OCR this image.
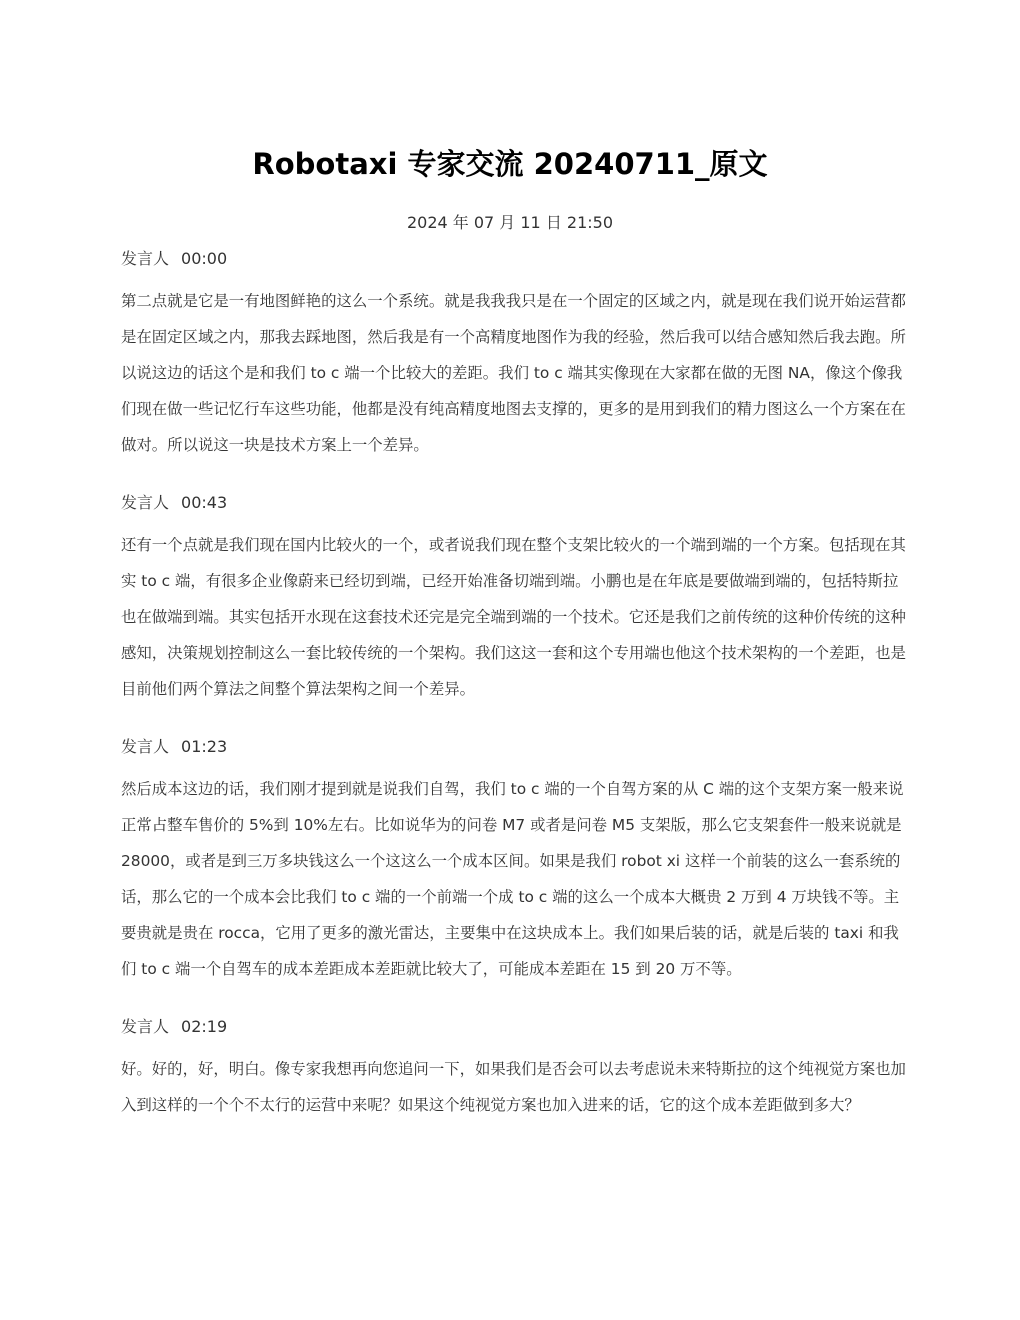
Robotaxi 专家交流 20240711_原文
2024 年 07 月 11 日 21:50
发言人 00:00

第二点就是它是一有地图鲜艳的这么一个系统。就是我我我只是在一个固定的区域之内，就是现在我们说开始运营都是在固定区域之内，那我去踩地图，然后我是有一个高精度地图作为我的经验，然后我可以结合感知然后我去跑。所以说这边的话这个是和我们 to c 端一个比较大的差距。我们 to c 端其实像现在大家都在做的无图 NA，像这个像我们现在做一些记忆行车这些功能，他都是没有纯高精度地图去支撑的，更多的是用到我们的精力图这么一个方案在在做对。所以说这一块是技术方案上一个差异。

发言人 00:43

还有一个点就是我们现在国内比较火的一个，或者说我们现在整个支架比较火的一个端到端的一个方案。包括现在其实 to c 端，有很多企业像蔚来已经切到端，已经开始准备切端到端。小鹏也是在年底是要做端到端的，包括特斯拉也在做端到端。其实包括开水现在这套技术还完是完全端到端的一个技术。它还是我们之前传统的这种价传统的这种感知，决策规划控制这么一套比较传统的一个架构。我们这这一套和这个专用端也他这个技术架构的一个差距，也是目前他们两个算法之间整个算法架构之间一个差异。

发言人 01:23

然后成本这边的话，我们刚才提到就是说我们自驾，我们 to c 端的一个自驾方案的从 C 端的这个支架方案一般来说正常占整车售价的 5%到 10%左右。比如说华为的问卷 M7 或者是问卷 M5 支架版，那么它支架套件一般来说就是 28000，或者是到三万多块钱这么一个这这么一个成本区间。如果是我们 robot xi 这样一个前装的这么一套系统的话，那么它的一个成本会比我们 to c 端的一个前端一个成 to c 端的这么一个成本大概贵 2 万到 4 万块钱不等。主要贵就是贵在 rocca，它用了更多的激光雷达，主要集中在这块成本上。我们如果后装的话，就是后装的 taxi 和我们 to c 端一个自驾车的成本差距成本差距就比较大了，可能成本差距在 15 到 20 万不等。

发言人 02:19

好。好的，好，明白。像专家我想再向您追问一下，如果我们是否会可以去考虑说未来特斯拉的这个纯视觉方案也加入到这样的一个个不太行的运营中来呢？如果这个纯视觉方案也加入进来的话，它的这个成本差距做到多大？
